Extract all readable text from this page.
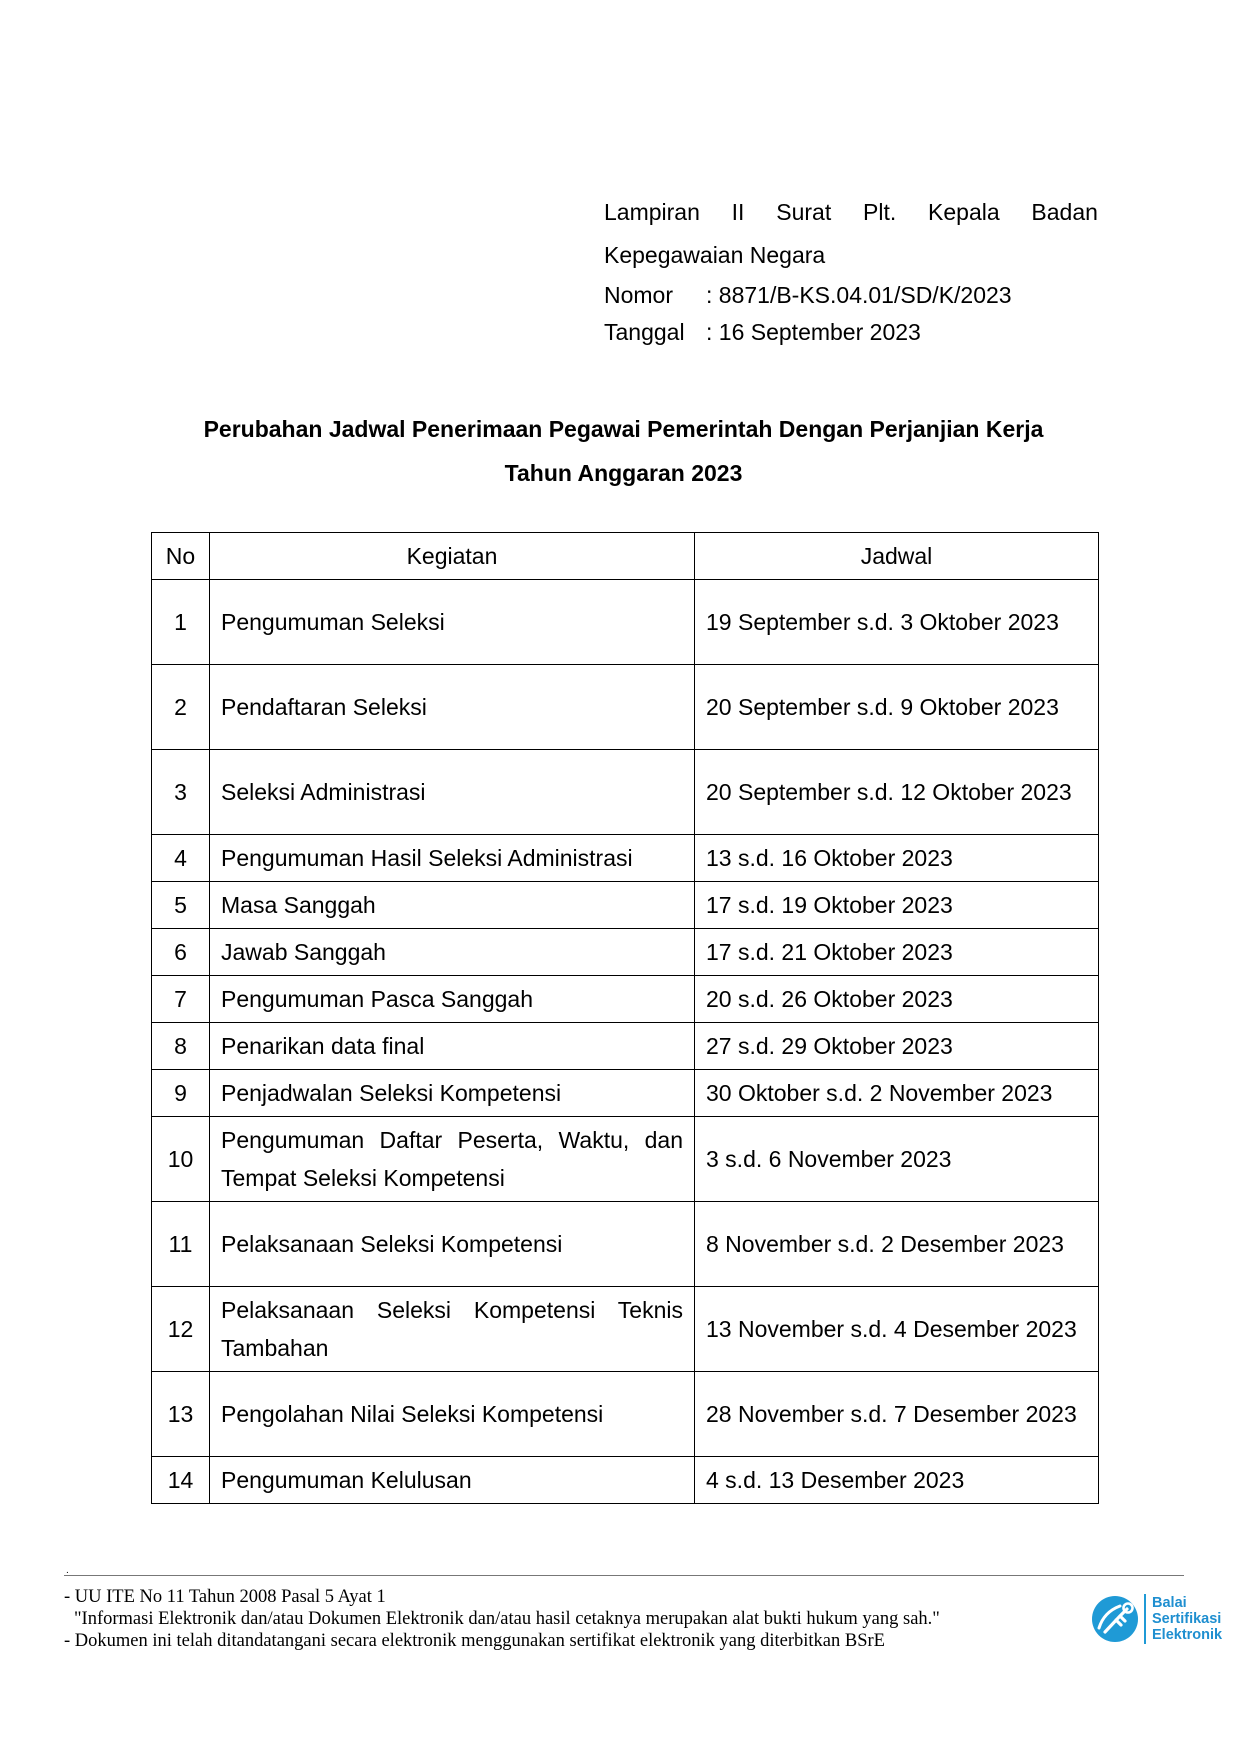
Lampiran II Surat Plt. Kepala Badan
Kepegawaian Negara
Nomor	: 8871/B-KS.04.01/SD/K/2023
Tanggal : 16 September 2023
Perubahan Jadwal Penerimaan Pegawai Pemerintah Dengan Perjanjian Kerja
Tahun Anggaran 2023
No	Kegiatan	Jadwal
1	Pengumuman Seleksi	19 September s.d. 3 Oktober 2023
2	Pendaftaran Seleksi	20 September s.d. 9 Oktober 2023
3	Seleksi Administrasi	20 September s.d. 12 Oktober 2023
4	Pengumuman Hasil Seleksi Administrasi	13 s.d. 16 Oktober 2023
5	Masa Sanggah	17 s.d. 19 Oktober 2023
6	Jawab Sanggah	17 s.d. 21 Oktober 2023
7	Pengumuman Pasca Sanggah	20 s.d. 26 Oktober 2023
8	Penarikan data final	27 s.d. 29 Oktober 2023
9	Penjadwalan Seleksi Kompetensi	30 Oktober s.d. 2 November 2023
10	Pengumuman Daftar Peserta, Waktu, dan Tempat Seleksi Kompetensi	3 s.d. 6 November 2023
11	Pelaksanaan Seleksi Kompetensi	8 November s.d. 2 Desember 2023
12	Pelaksanaan Seleksi Kompetensi Teknis Tambahan	13 November s.d. 4 Desember 2023
13	Pengolahan Nilai Seleksi Kompetensi	28 November s.d. 7 Desember 2023
14	Pengumuman Kelulusan	4 s.d. 13 Desember 2023
.
- UU ITE No 11 Tahun 2008 Pasal 5 Ayat 1
"Informasi Elektronik dan/atau Dokumen Elektronik dan/atau hasil cetaknya merupakan alat bukti hukum yang sah."
- Dokumen ini telah ditandatangani secara elektronik menggunakan sertifikat elektronik yang diterbitkan BSrE
Balai
Sertifikasi
Elektronik
